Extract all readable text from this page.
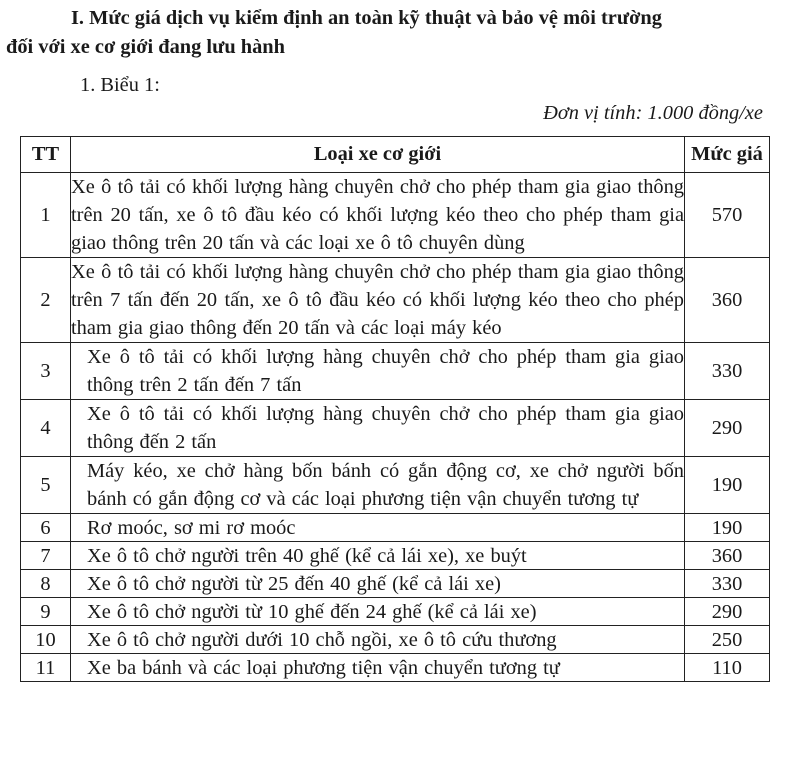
I. Mức giá dịch vụ kiểm định an toàn kỹ thuật và bảo vệ môi trường
đối với xe cơ giới đang lưu hành

1. Biểu 1:

Đơn vị tính: 1.000 đồng/xe
TT	Loại xe cơ giới	Mức giá
1	Xe ô tô tải có khối lượng hàng chuyên chở cho phép tham gia giao thông trên 20 tấn, xe ô tô đầu kéo có khối lượng kéo theo cho phép tham gia giao thông trên 20 tấn và các loại xe ô tô chuyên dùng	570
2	Xe ô tô tải có khối lượng hàng chuyên chở cho phép tham gia giao thông trên 7 tấn đến 20 tấn, xe ô tô đầu kéo có khối lượng kéo theo cho phép tham gia giao thông đến 20 tấn và các loại máy kéo	360
3	Xe ô tô tải có khối lượng hàng chuyên chở cho phép tham gia giao thông trên 2 tấn đến 7 tấn	330
4	Xe ô tô tải có khối lượng hàng chuyên chở cho phép tham gia giao thông đến 2 tấn	290
5	Máy kéo, xe chở hàng bốn bánh có gắn động cơ, xe chở người bốn bánh có gắn động cơ và các loại phương tiện vận chuyển tương tự	190
6	Rơ moóc, sơ mi rơ moóc	190
7	Xe ô tô chở người trên 40 ghế (kể cả lái xe), xe buýt	360
8	Xe ô tô chở người từ 25 đến 40 ghế (kể cả lái xe)	330
9	Xe ô tô chở người từ 10 ghế đến 24 ghế (kể cả lái xe)	290
10	Xe ô tô chở người dưới 10 chỗ ngồi, xe ô tô cứu thương	250
11	Xe ba bánh và các loại phương tiện vận chuyển tương tự	110
